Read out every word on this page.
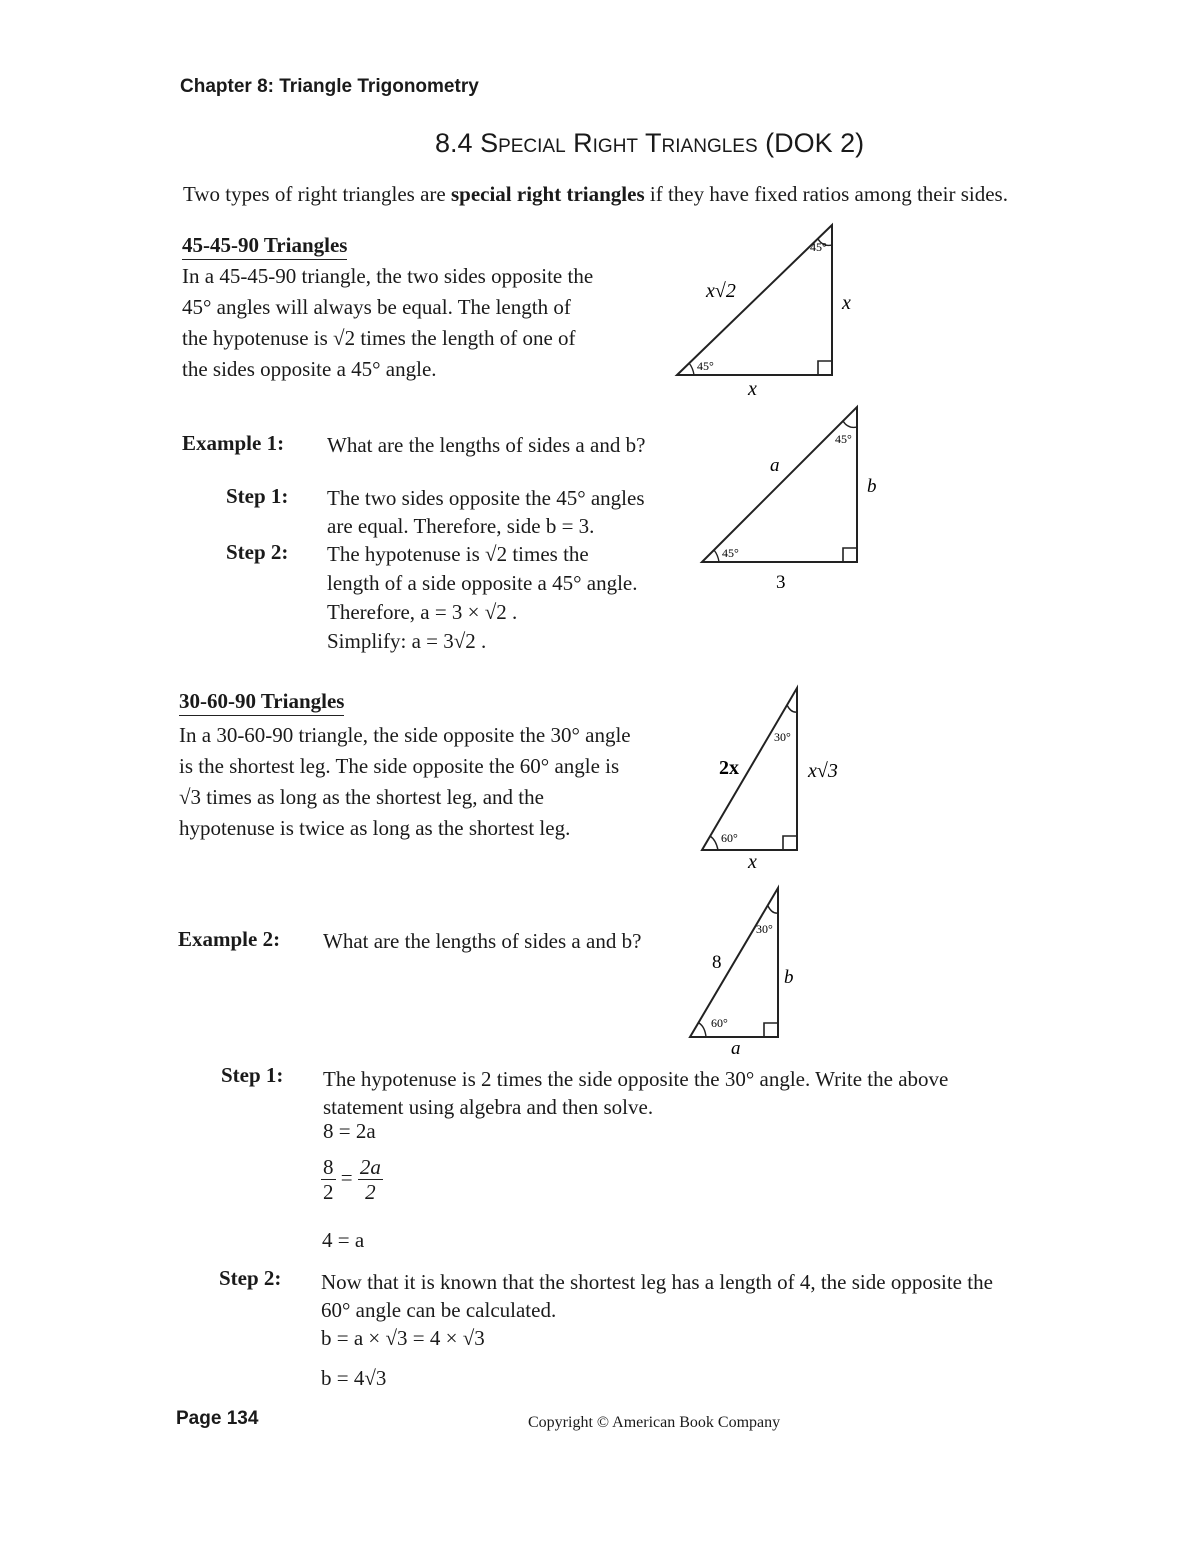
Chapter 8: Triangle Trigonometry
8.4 Special Right Triangles (DOK 2)
Two types of right triangles are special right triangles if they have fixed ratios among their sides.
45-45-90 Triangles
In a 45-45-90 triangle, the two sides opposite the
45° angles will always be equal. The length of
the hypotenuse is √2 times the length of one of
the sides opposite a 45° angle.
45°
45°
x√2
x
x
Example 1: What are the lengths of sides a and b?
Step 1: The two sides opposite the 45° angles
are equal. Therefore, side b = 3.
Step 2: The hypotenuse is √2 times the
length of a side opposite a 45° angle.
Therefore, a = 3 × √2 .
Simplify: a = 3√2 .
45°
45°
a
b
3
30-60-90 Triangles
In a 30-60-90 triangle, the side opposite the 30° angle
is the shortest leg. The side opposite the 60° angle is
√3 times as long as the shortest leg, and the
hypotenuse is twice as long as the shortest leg.
30°
60°
2x	x√3
x
Example 2: What are the lengths of sides a and b?	30°
60°
8
b
a
Step 1: The hypotenuse is 2 times the side opposite the 30° angle. Write the above
statement using algebra and then solve.
8 = 2a
$\frac{8}{2} = \frac{2a}{2}$
4 = a
Step 2: Now that it is known that the shortest leg has a length of 4, the side opposite the
60° angle can be calculated.
b = a × √3 = 4 × √3
b = 4√3
Page 134	Copyright © American Book Company
